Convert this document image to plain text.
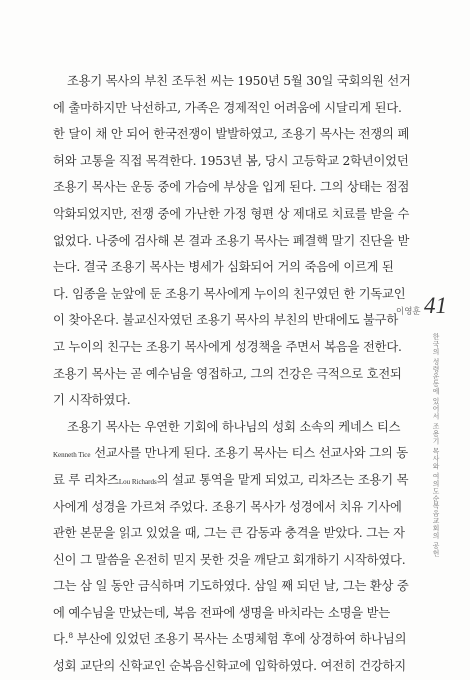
조용기 목사의 부친 조두천 씨는 1950년 5월 30일 국회의원 선거
에 출마하지만 낙선하고, 가족은 경제적인 어려움에 시달리게 된다.
한 달이 채 안 되어 한국전쟁이 발발하였고, 조용기 목사는 전쟁의 폐
허와 고통을 직접 목격한다. 1953년 봄, 당시 고등학교 2학년이었던
조용기 목사는 운동 중에 가슴에 부상을 입게 된다. 그의 상태는 점점
악화되었지만, 전쟁 중에 가난한 가정 형편 상 제대로 치료를 받을 수
없었다. 나중에 검사해 본 결과 조용기 목사는 폐결핵 말기 진단을 받
는다. 결국 조용기 목사는 병세가 심화되어 거의 죽음에 이르게 된
다. 임종을 눈앞에 둔 조용기 목사에게 누이의 친구였던 한 기독교인
이 찾아온다. 불교신자였던 조용기 목사의 부친의 반대에도 불구하
고 누이의 친구는 조용기 목사에게 성경책을 주면서 복음을 전한다.
조용기 목사는 곧 예수님을 영접하고, 그의 건강은 극적으로 호전되
기 시작하였다.
조용기 목사는 우연한 기회에 하나님의 성회 소속의 케네스 티스
Kenneth Tice 선교사를 만나게 된다. 조용기 목사는 티스 선교사와 그의 동
료 루 리차즈Lou Richards의 설교 통역을 맡게 되었고, 리차즈는 조용기 목
사에게 성경을 가르쳐 주었다. 조용기 목사가 성경에서 치유 기사에
관한 본문을 읽고 있었을 때, 그는 큰 감동과 충격을 받았다. 그는 자
신이 그 말씀을 온전히 믿지 못한 것을 깨닫고 회개하기 시작하였다.
그는 삼 일 동안 금식하며 기도하였다. 삼일 째 되던 날, 그는 환상 중
에 예수님을 만났는데, 복음 전파에 생명을 바치라는 소명을 받는
다.$^8$ 부산에 있었던 조용기 목사는 소명체험 후에 상경하여 하나님의
성회 교단의 신학교인 순복음신학교에 입학하였다. 여전히 건강하지
이영훈 41
한국의 성령운동에 있어서 조용기 목사와 여의도순복음교회의 공헌
